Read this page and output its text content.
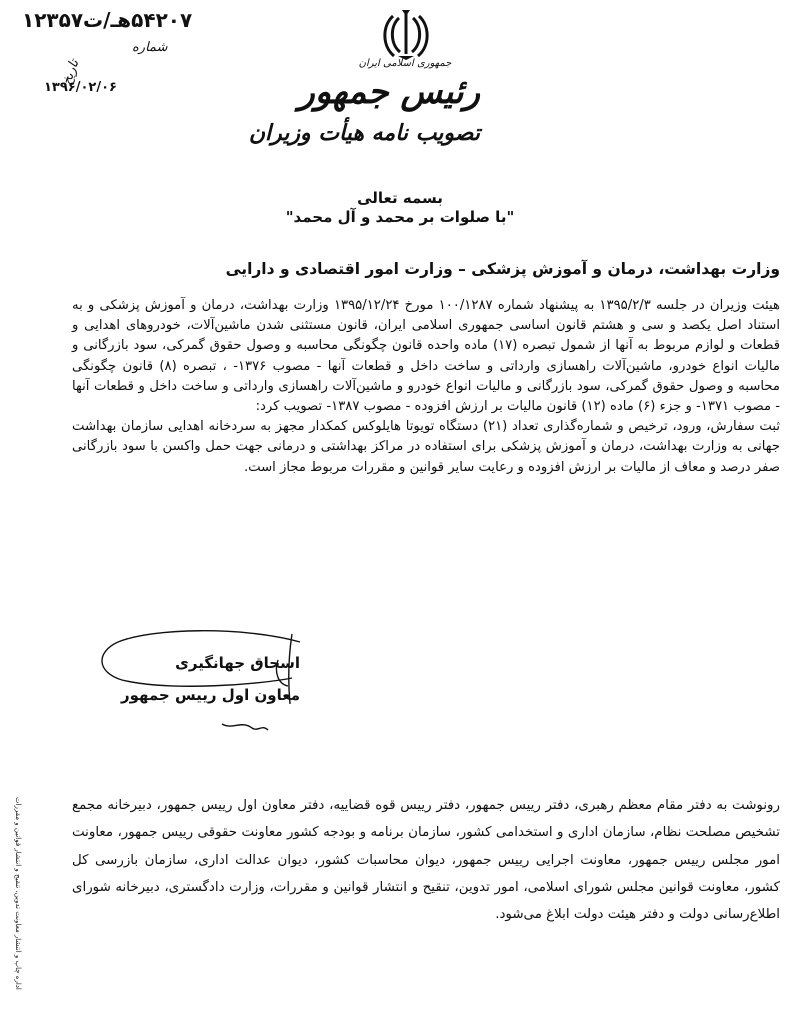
۵۴۲۰۷هـ/ت۱۲۳۵۷
شماره
تاریخ
۱۳۹۶/۰۲/۰۶
جمهوری اسلامی ایران
رئیس جمهور
تصویب نامه هیأت وزیران
بسمه تعالی
"با صلوات بر محمد و آل محمد"
وزارت بهداشت، درمان و آموزش پزشکی – وزارت امور اقتصادی و دارایی

هیئت وزیران در جلسه ۱۳۹۵/۲/۳ به پیشنهاد شماره ۱۰۰/۱۲۸۷ مورخ ۱۳۹۵/۱۲/۲۴ وزارت بهداشت، درمان و آموزش پزشکی و به استناد اصل یکصد و سی و هشتم قانون اساسی جمهوری اسلامی ایران، قانون مستثنی شدن ماشین‌آلات، خودروهای اهدایی و قطعات و لوازم مربوط به آنها از شمول تبصره (۱۷) ماده واحده قانون چگونگی محاسبه و وصول حقوق گمرکی، سود بازرگانی و مالیات انواع خودرو، ماشین‌آلات راهسازی وارداتی و ساخت داخل و قطعات آنها - مصوب ۱۳۷۶- ، تبصره (۸) قانون چگونگی محاسبه و وصول حقوق گمرکی، سود بازرگانی و مالیات انواع خودرو و ماشین‌آلات راهسازی وارداتی و ساخت داخل و قطعات آنها - مصوب ۱۳۷۱- و جزء (۶) ماده (۱۲) قانون مالیات بر ارزش افزوده - مصوب ۱۳۸۷- تصویب کرد:

ثبت سفارش، ورود، ترخیص و شماره‌گذاری تعداد (۲۱) دستگاه تویوتا هایلوکس کمکدار مجهز به سردخانه اهدایی سازمان بهداشت جهانی به وزارت بهداشت، درمان و آموزش پزشکی برای استفاده در مراکز بهداشتی و درمانی جهت حمل واکسن با سود بازرگانی صفر درصد و معاف از مالیات بر ارزش افزوده و رعایت سایر قوانین و مقررات مربوط مجاز است.

اسحاق جهانگیری
معاون اول رییس جمهور

رونوشت به دفتر مقام معظم رهبری، دفتر رییس جمهور، دفتر رییس قوه قضاییه، دفتر معاون اول رییس جمهور، دبیرخانه مجمع تشخیص مصلحت نظام، سازمان اداری و استخدامی کشور، سازمان برنامه و بودجه کشور معاونت حقوقی رییس جمهور، معاونت امور مجلس رییس جمهور، معاونت اجرایی رییس جمهور، دیوان محاسبات کشور، دیوان عدالت اداری، سازمان بازرسی کل کشور، معاونت قوانین مجلس شورای اسلامی، امور تدوین، تنقیح و انتشار قوانین و مقررات، وزارت دادگستری، دبیرخانه شورای اطلاع‌رسانی دولت و دفتر هیئت دولت ابلاغ می‌شود.

اداره چاپ و انتشار معاونت تدوین، تنقیح و انتشار قوانین و مقررات
